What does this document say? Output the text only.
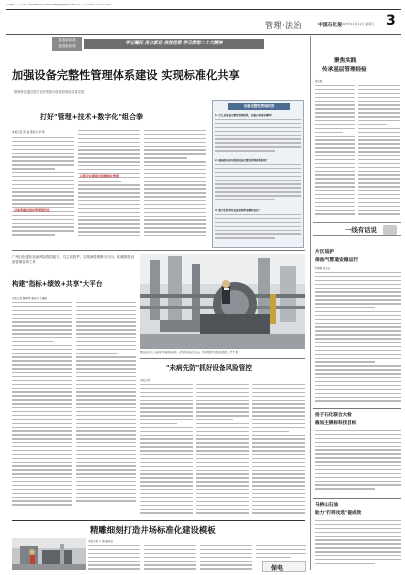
责任编辑：王 华 电话：010-63690122 E-mail: wangsong9@163.com 版 面：王 荆 2025年11月21日 星期五
管理·法治	中国石化报
2025年11月21日 星期五 3
喜迎新标准
奋进新征程	牢记嘱托 再立新功 再创佳绩 学习贯彻二十大精神
加强设备完整性管理体系建设 实现标准化共享
镇海炼化通过数字化转型推动设备管理高质量发展
打好"管理+技术+数字化"组合拳
本报记者 邵 俊 通讯员 李 明
以体系建设推动管理规范化
以数字化赋能设备精细化管理
设备完整性管理问答
1. 什么是设备完整性管理体系，其核心要素有哪些？
2. 镇海炼化如何推进设备完整性管理体系建设？
3. 数字化转型对设备管理带来哪些变化？
广州石化强化设备风险管控能力，以主动防护、以预测性维修为方向，积极推进设备管理各项工作
构建"指标+绩效+共享"大平台
本报记者 黄晓琴 通讯员 王建国
镇海炼化员工在装置区开展设备巡检，查看压缩机运行状态，及时发现并消除设备隐患。罗 军 摄
"未病先防"抓好设备风险管控
本报记者
精雕细刻打造井场标准化建设模板
本报记者 王 娟 通讯员
保电
聚焦实践
传承基层管理经验
周志国
一线有话说
片区巡护
保油气管道安稳运行
罗建国 张涛涛
扬子石化联合大检
修加主锦标科技目标
马桥山石油
助力"打样攻选"提成效
